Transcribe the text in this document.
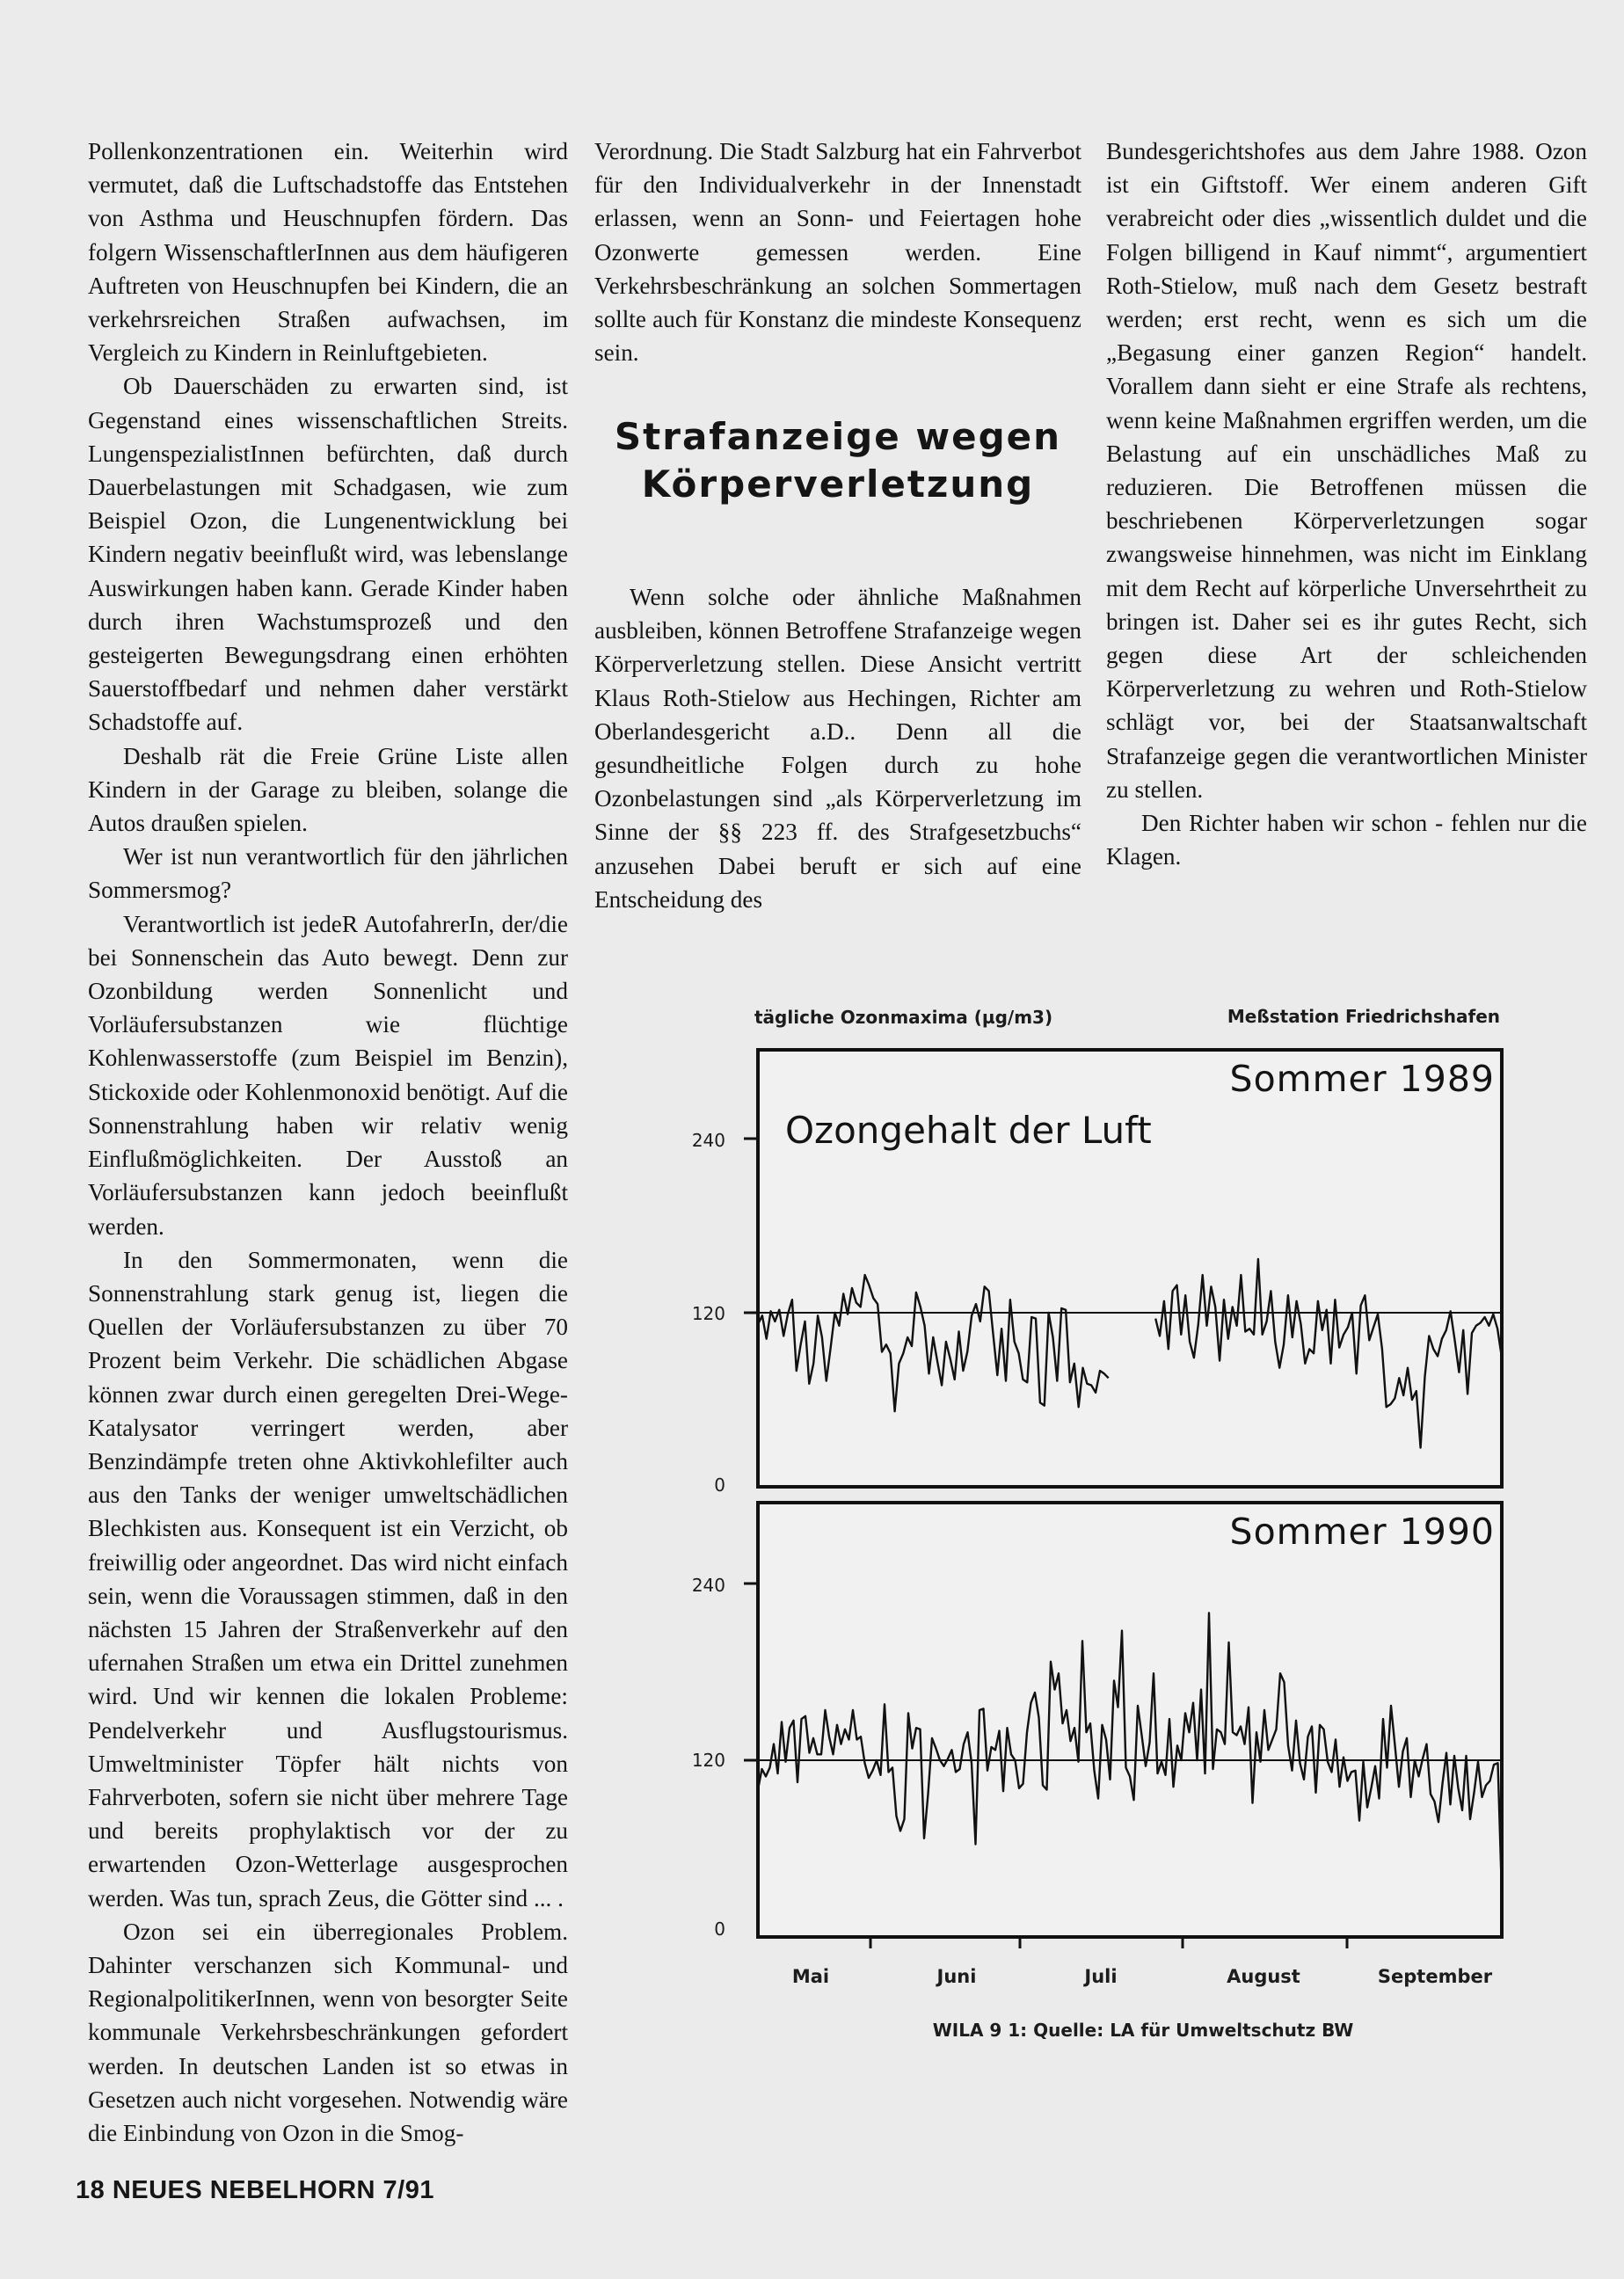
Pollenkonzentrationen ein. Weiterhin wird vermutet, daß die Luftschadstoffe das Entstehen von Asthma und Heuschnupfen fördern. Das folgern WissenschaftlerInnen aus dem häufigeren Auftreten von Heuschnupfen bei Kindern, die an verkehrsreichen Straßen aufwachsen, im Vergleich zu Kindern in Reinluftgebieten.

Ob Dauerschäden zu erwarten sind, ist Gegenstand eines wissenschaftlichen Streits. LungenspezialistInnen befürchten, daß durch Dauerbelastungen mit Schadgasen, wie zum Beispiel Ozon, die Lungenentwicklung bei Kindern negativ beeinflußt wird, was lebenslange Auswirkungen haben kann. Gerade Kinder haben durch ihren Wachstumsprozeß und den gesteigerten Bewegungsdrang einen erhöhten Sauerstoffbedarf und nehmen daher verstärkt Schadstoffe auf.

Deshalb rät die Freie Grüne Liste allen Kindern in der Garage zu bleiben, solange die Autos draußen spielen.

Wer ist nun verantwortlich für den jährlichen Sommersmog?

Verantwortlich ist jedeR AutofahrerIn, der/die bei Sonnenschein das Auto bewegt. Denn zur Ozonbildung werden Sonnenlicht und Vorläufersubstanzen wie flüchtige Kohlenwasserstoffe (zum Beispiel im Benzin), Stickoxide oder Kohlenmonoxid benötigt. Auf die Sonnenstrahlung haben wir relativ wenig Einflußmöglichkeiten. Der Ausstoß an Vorläufersubstanzen kann jedoch beeinflußt werden.

In den Sommermonaten, wenn die Sonnenstrahlung stark genug ist, liegen die Quellen der Vorläufersubstanzen zu über 70 Prozent beim Verkehr. Die schädlichen Abgase können zwar durch einen geregelten Drei-Wege-Katalysator verringert werden, aber Benzindämpfe treten ohne Aktivkohlefilter auch aus den Tanks der weniger umweltschädlichen Blechkisten aus. Konsequent ist ein Verzicht, ob freiwillig oder angeordnet. Das wird nicht einfach sein, wenn die Voraussagen stimmen, daß in den nächsten 15 Jahren der Straßenverkehr auf den ufernahen Straßen um etwa ein Drittel zunehmen wird. Und wir kennen die lokalen Probleme: Pendelverkehr und Ausflugstourismus. Umweltminister Töpfer hält nichts von Fahrverboten, sofern sie nicht über mehrere Tage und bereits prophylaktisch vor der zu erwartenden Ozon-Wetterlage ausgesprochen werden. Was tun, sprach Zeus, die Götter sind ... .

Ozon sei ein überregionales Problem. Dahinter verschanzen sich Kommunal- und RegionalpolitikerInnen, wenn von besorgter Seite kommunale Verkehrsbeschränkungen gefordert werden. In deutschen Landen ist so etwas in Gesetzen auch nicht vorgesehen. Notwendig wäre die Einbindung von Ozon in die Smog-

Verordnung. Die Stadt Salzburg hat ein Fahrverbot für den Individualverkehr in der Innenstadt erlassen, wenn an Sonn- und Feiertagen hohe Ozonwerte gemessen werden. Eine Verkehrsbeschränkung an solchen Sommertagen sollte auch für Konstanz die mindeste Konsequenz sein.

Strafanzeige wegen
Körperverletzung

Wenn solche oder ähnliche Maßnahmen ausbleiben, können Betroffene Strafanzeige wegen Körperverletzung stellen. Diese Ansicht vertritt Klaus Roth-Stielow aus Hechingen, Richter am Oberlandesgericht a.D.. Denn all die gesundheitliche Folgen durch zu hohe Ozonbelastungen sind „als Körperverletzung im Sinne der §§ 223 ff. des Strafgesetzbuchs“ anzusehen Dabei beruft er sich auf eine Entscheidung des

Bundesgerichtshofes aus dem Jahre 1988. Ozon ist ein Giftstoff. Wer einem anderen Gift verabreicht oder dies „wissentlich duldet und die Folgen billigend in Kauf nimmt“, argumentiert Roth-Stielow, muß nach dem Gesetz bestraft werden; erst recht, wenn es sich um die „Begasung einer ganzen Region“ handelt. Vorallem dann sieht er eine Strafe als rechtens, wenn keine Maßnahmen ergriffen werden, um die Belastung auf ein unschädliches Maß zu reduzieren. Die Betroffenen müssen die beschriebenen Körperverletzungen sogar zwangsweise hinnehmen, was nicht im Einklang mit dem Recht auf körperliche Unversehrtheit zu bringen ist. Daher sei es ihr gutes Recht, sich gegen diese Art der schleichenden Körperverletzung zu wehren und Roth-Stielow schlägt vor, bei der Staatsanwaltschaft Strafanzeige gegen die verantwortlichen Minister zu stellen.

Den Richter haben wir schon - fehlen nur die Klagen.

tägliche Ozonmaxima (µg/m3)	Meßstation Friedrichshafen
Sommer 1989
Ozongehalt der Luft
Sommer 1990
240
120
0
240
120
0
Mai	Juni	Juli	August	September
WILA 9 1: Quelle: LA für Umweltschutz BW
18 NEUES NEBELHORN 7/91
